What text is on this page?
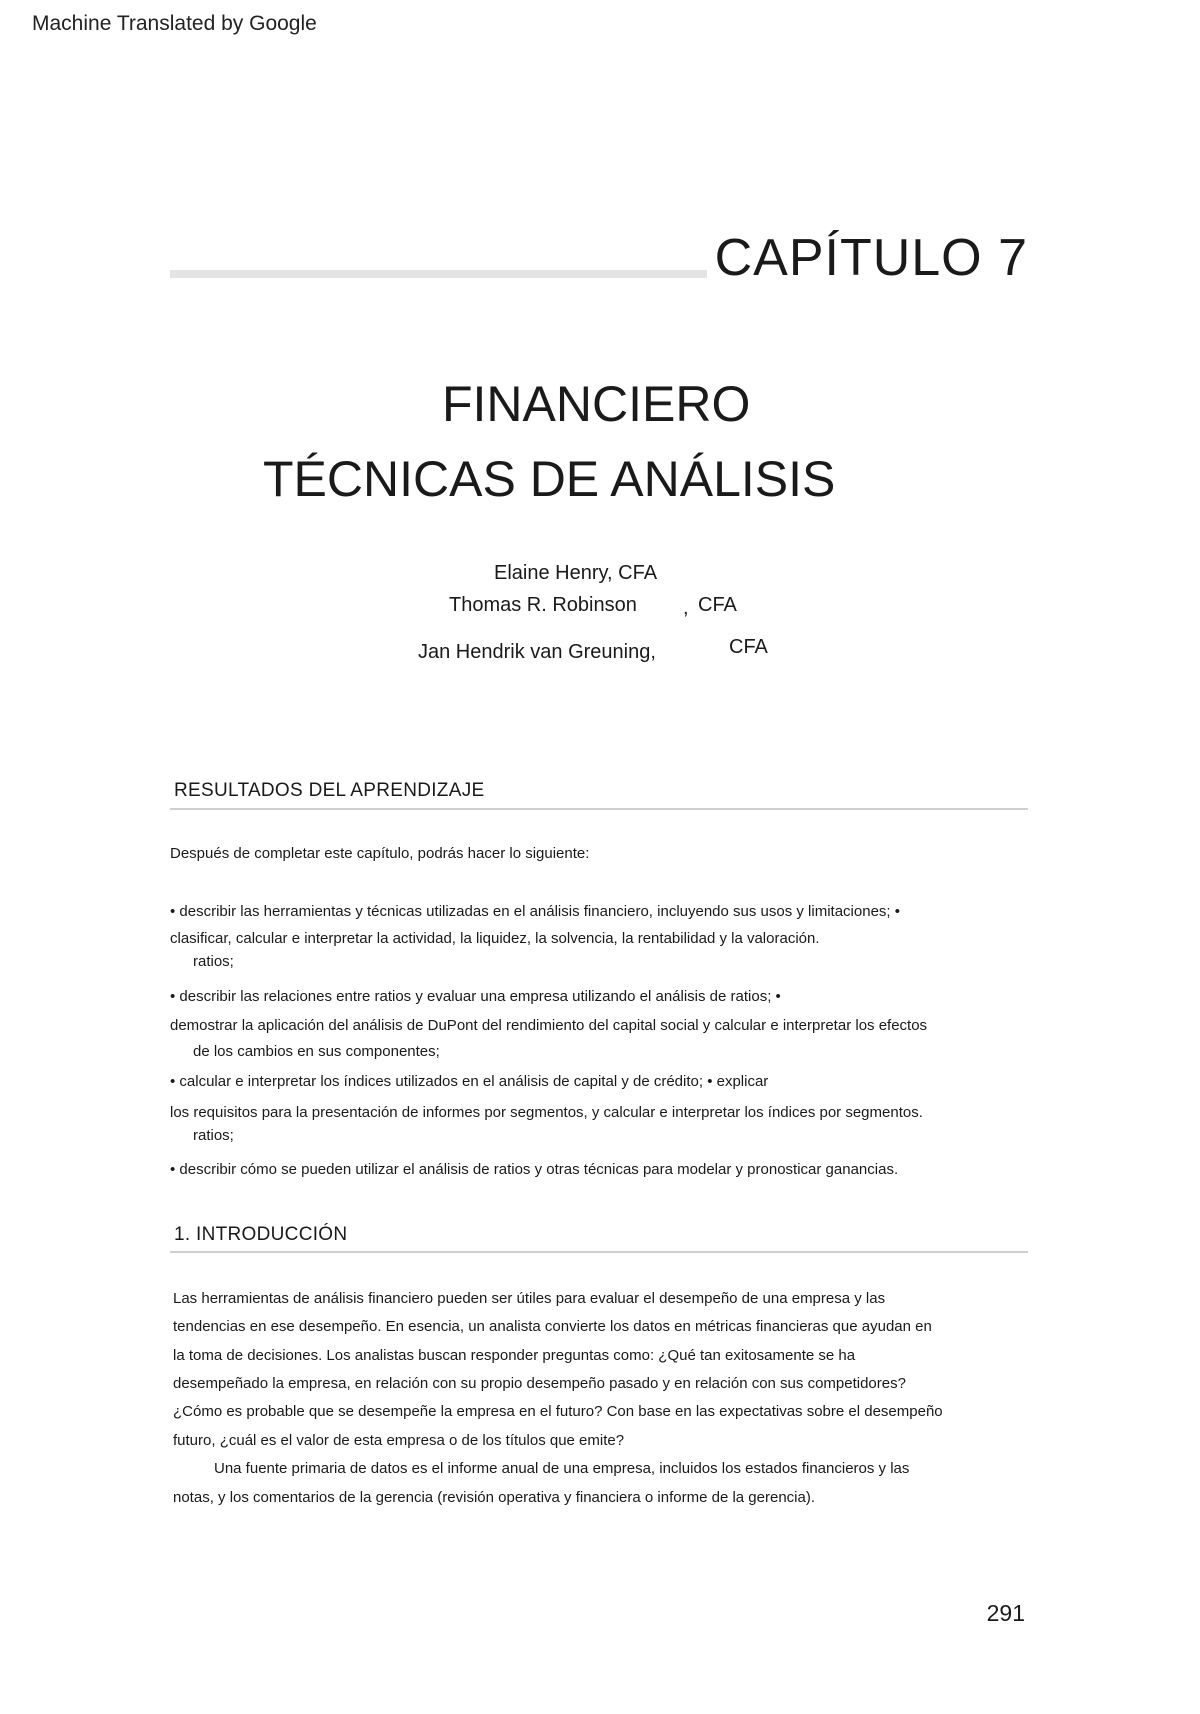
Machine Translated by Google
CAPÍTULO 7
FINANCIERO
TÉCNICAS DE ANÁLISIS
Elaine Henry, CFA
Thomas R. Robinson , CFA
Jan Hendrik van Greuning,	CFA
RESULTADOS DEL APRENDIZAJE
Después de completar este capítulo, podrás hacer lo siguiente:
• describir las herramientas y técnicas utilizadas en el análisis financiero, incluyendo sus usos y limitaciones; •
clasificar, calcular e interpretar la actividad, la liquidez, la solvencia, la rentabilidad y la valoración.
ratios;
• describir las relaciones entre ratios y evaluar una empresa utilizando el análisis de ratios; •
demostrar la aplicación del análisis de DuPont del rendimiento del capital social y calcular e interpretar los efectos
de los cambios en sus componentes;
• calcular e interpretar los índices utilizados en el análisis de capital y de crédito; • explicar
los requisitos para la presentación de informes por segmentos, y calcular e interpretar los índices por segmentos.
ratios;
• describir cómo se pueden utilizar el análisis de ratios y otras técnicas para modelar y pronosticar ganancias.
1. INTRODUCCIÓN
Las herramientas de análisis financiero pueden ser útiles para evaluar el desempeño de una empresa y las
tendencias en ese desempeño. En esencia, un analista convierte los datos en métricas financieras que ayudan en
la toma de decisiones. Los analistas buscan responder preguntas como: ¿Qué tan exitosamente se ha
desempeñado la empresa, en relación con su propio desempeño pasado y en relación con sus competidores?
¿Cómo es probable que se desempeñe la empresa en el futuro? Con base en las expectativas sobre el desempeño
futuro, ¿cuál es el valor de esta empresa o de los títulos que emite?
Una fuente primaria de datos es el informe anual de una empresa, incluidos los estados financieros y las
notas, y los comentarios de la gerencia (revisión operativa y financiera o informe de la gerencia).
291
